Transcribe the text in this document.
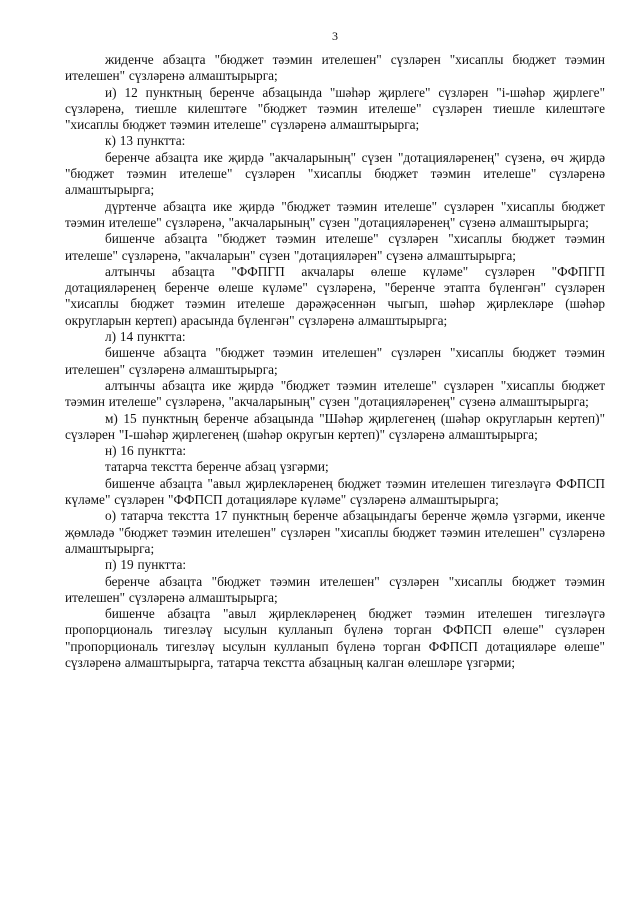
3

жиденче абзацта "бюджет тәэмин ителешен" сүзләрен "хисаплы бюджет тәэмин ителешен" сүзләренә алмаштырырга;

и) 12 пунктның беренче абзацында "шәһәр җирлеге" сүзләрен "і-шәһәр җирлеге" сүзләренә, тиешле килештәге "бюджет тәэмин ителеше" сүзләрен тиешле килештәге "хисаплы бюджет тәэмин ителеше" сүзләренә алмаштырырга;

к) 13 пунктта:

беренче абзацта ике җирдә "акчаларының" сүзен "дотацияләренең" сүзенә, өч җирдә "бюджет тәэмин ителеше" сүзләрен "хисаплы бюджет тәэмин ителеше" сүзләренә алмаштырырга;

дүртенче абзацта ике җирдә "бюджет тәэмин ителеше" сүзләрен "хисаплы бюджет тәэмин ителеше" сүзләренә, "акчаларының" сүзен "дотацияләренең" сүзенә алмаштырырга;

бишенче абзацта "бюджет тәэмин ителеше" сүзләрен "хисаплы бюджет тәэмин ителеше" сүзләренә, "акчаларын" сүзен "дотацияләрен" сүзенә алмаштырырга;

алтынчы абзацта "ФФПГП акчалары өлеше күләме" сүзләрен "ФФПГП дотацияләренең беренче өлеше күләме" сүзләренә, "беренче этапта бүленгән" сүзләрен "хисаплы бюджет тәэмин ителеше дәрәҗәсеннән чыгып, шәһәр җирлекләре (шәһәр округларын кертеп) арасында бүленгән" сүзләренә алмаштырырга;

л) 14 пунктта:

бишенче абзацта "бюджет тәэмин ителешен" сүзләрен "хисаплы бюджет тәэмин ителешен" сүзләренә алмаштырырга;

алтынчы абзацта ике җирдә "бюджет тәэмин ителеше" сүзләрен "хисаплы бюджет тәэмин ителеше" сүзләренә, "акчаларының" сүзен "дотацияләренең" сүзенә алмаштырырга;

м) 15 пунктның беренче абзацында "Шәһәр җирлегенең (шәһәр округларын кертеп)" сүзләрен "І-шәһәр җирлегенең (шәһәр округын кертеп)" сүзләренә алмаштырырга;

н) 16 пунктта:

татарча текстта беренче абзац үзгәрми;

бишенче абзацта "авыл җирлекләренең бюджет тәэмин ителешен тигезләүгә ФФПСП күләме" сүзләрен "ФФПСП дотацияләре күләме" сүзләренә алмаштырырга;

о) татарча текстта 17 пунктның беренче абзацындагы беренче җөмлә үзгәрми, икенче җөмләдә "бюджет тәэмин ителешен" сүзләрен "хисаплы бюджет тәэмин ителешен" сүзләренә алмаштырырга;

п) 19 пунктта:

беренче абзацта "бюджет тәэмин ителешен" сүзләрен "хисаплы бюджет тәэмин ителешен" сүзләренә алмаштырырга;

бишенче абзацта "авыл җирлекләренең бюджет тәэмин ителешен тигезләүгә пропорциональ тигезләү ысулын кулланып бүленә торган ФФПСП өлеше" сүзләрен "пропорциональ тигезләү ысулын кулланып бүленә торган ФФПСП дотацияләре өлеше" сүзләренә алмаштырырга, татарча текстта абзацның калган өлешләре үзгәрми;
